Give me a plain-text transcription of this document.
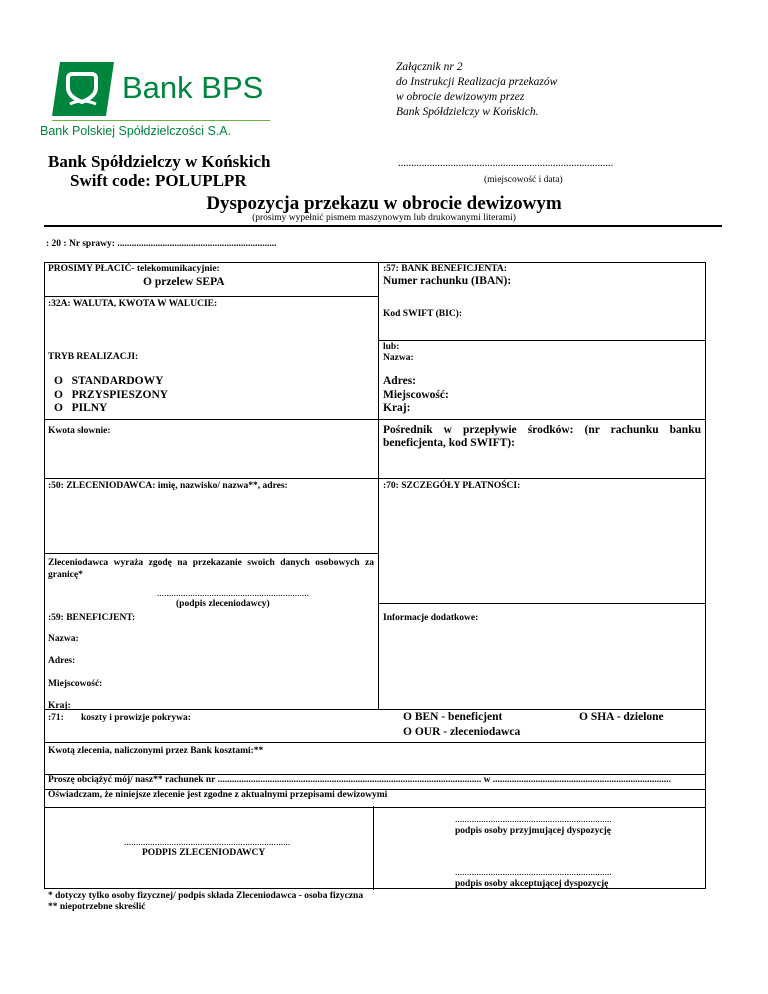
Bank BPS
Bank Polskiej Spółdzielczości S.A.
Załącznik nr 2
do Instrukcji Realizacja przekazów
w obrocie dewizowym przez
Bank Spółdzielczy w Końskich.
Bank Spółdzielczy w Końskich
Swift code: POLUPLPR
..................................................................................
(miejscowość i data)
Dyspozycja przekazu w obrocie dewizowym
(prosimy wypełnić pismem maszynowym lub drukowanymi literami)
: 20 : Nr sprawy: ...................................................................
PROSIMY PŁACIĆ- telekomunikacyjnie:
O przelew SEPA
:32A: WALUTA, KWOTA W WALUCIE:
TRYB REALIZACJI:
O STANDARDOWY
O PRZYSPIESZONY
O PILNY
Kwota słownie:
:50: ZLECENIODAWCA: imię, nazwisko/ nazwa**, adres:
Zleceniodawca wyraża zgodę na przekazanie swoich danych osobowych za granicę*
................................................................
(podpis zleceniodawcy)
:59: BENEFICJENT:
Nazwa:
Adres:
Miejscowość:
Kraj:
:57: BANK BENEFICJENTA:
Numer rachunku (IBAN):
Kod SWIFT (BIC):
lub:
Nazwa:
Adres:
Miejscowość:
Kraj:
Pośrednik w przepływie środków: (nr rachunku banku beneficjenta, kod SWIFT):
:70: SZCZEGÓŁY PŁATNOŚCI:
Informacje dodatkowe:
:71: koszty i prowizje pokrywa:	O BEN - beneficjent
O OUR - zleceniodawca
O SHA - dzielone
Kwotą zlecenia, naliczonymi przez Bank kosztami:**
Proszę obciążyć mój/ nasz** rachunek nr ............................................................................................................... w ...........................................................................
Oświadczam, że niniejsze zlecenie jest zgodne z aktualnymi przepisami dewizowymi
......................................................................
PODPIS ZLECENIODAWCY
..................................................................
podpis osoby przyjmującej dyspozycję
..................................................................
podpis osoby akceptującej dyspozycję
* dotyczy tylko osoby fizycznej/ podpis składa Zleceniodawca - osoba fizyczna
** niepotrzebne skreślić
